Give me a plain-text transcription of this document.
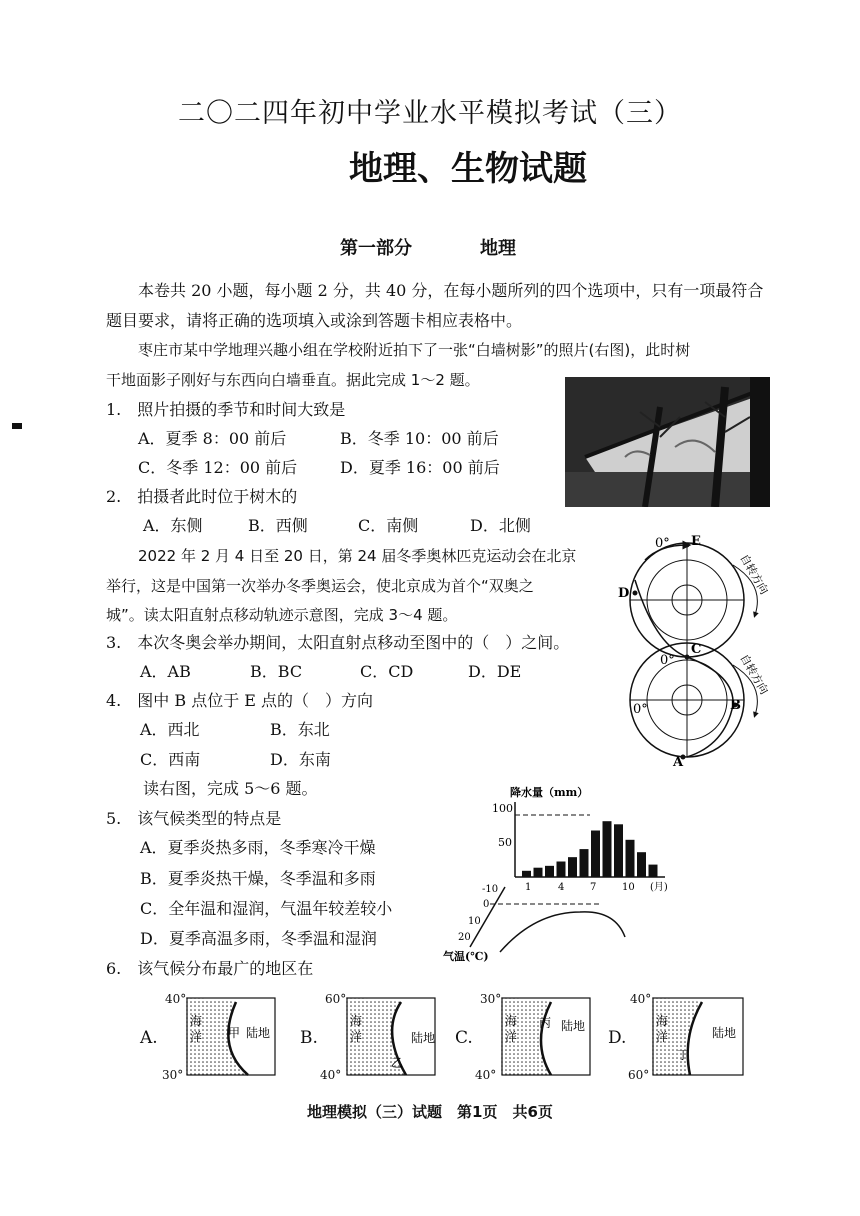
二〇二四年初中学业水平模拟考试（三）
地理、生物试题
第一部分	地理
本卷共 20 小题，每小题 2 分，共 40 分，在每小题所列的四个选项中，只有一项最符合
题目要求，请将正确的选项填入或涂到答题卡相应表格中。
枣庄市某中学地理兴趣小组在学校附近拍下了一张“白墙树影”的照片(右图)，此时树
干地面影子刚好与东西向白墙垂直。据此完成 1～2 题。
1.　照片拍摄的季节和时间大致是
A．夏季 8：00 前后	B．冬季 10：00 前后
C．冬季 12：00 前后	D．夏季 16：00 前后
2.　拍摄者此时位于树木的
A．东侧	B．西侧	C．南侧	D．北侧
2022 年 2 月 4 日至 20 日，第 24 届冬季奥林匹克运动会在北京
举行，这是中国第一次举办冬季奥运会，使北京成为首个“双奥之
城”。读太阳直射点移动轨迹示意图，完成 3～4 题。
0° E
D
C
0°
0°	B
A
自转方向
自转方向
3.　本次冬奥会举办期间，太阳直射点移动至图中的（　）之间。
A．AB	B．BC	C．CD	D．DE
4.　图中 B 点位于 E 点的（　）方向
A．西北	B．东北
C．西南	D．东南
读右图，完成 5～6 题。	降水量（mm）
100
50
1	4	7	10 (月)
-10
0
10
20
气温(℃)
5.　该气候类型的特点是
A．夏季炎热多雨，冬季寒冷干燥
B．夏季炎热干燥，冬季温和多雨
C．全年温和湿润，气温年较差较小
D．夏季高温多雨，冬季温和湿润
6.　该气候分布最广的地区在
A.
40°
30°
海
洋 甲 陆地 B.
60°
40°
海
洋
乙
陆地 C.
30°
40°
海
洋
丙 陆地
D.
40°
60°
海
洋
丁
陆地
地理模拟（三）试题　第1页　共6页
